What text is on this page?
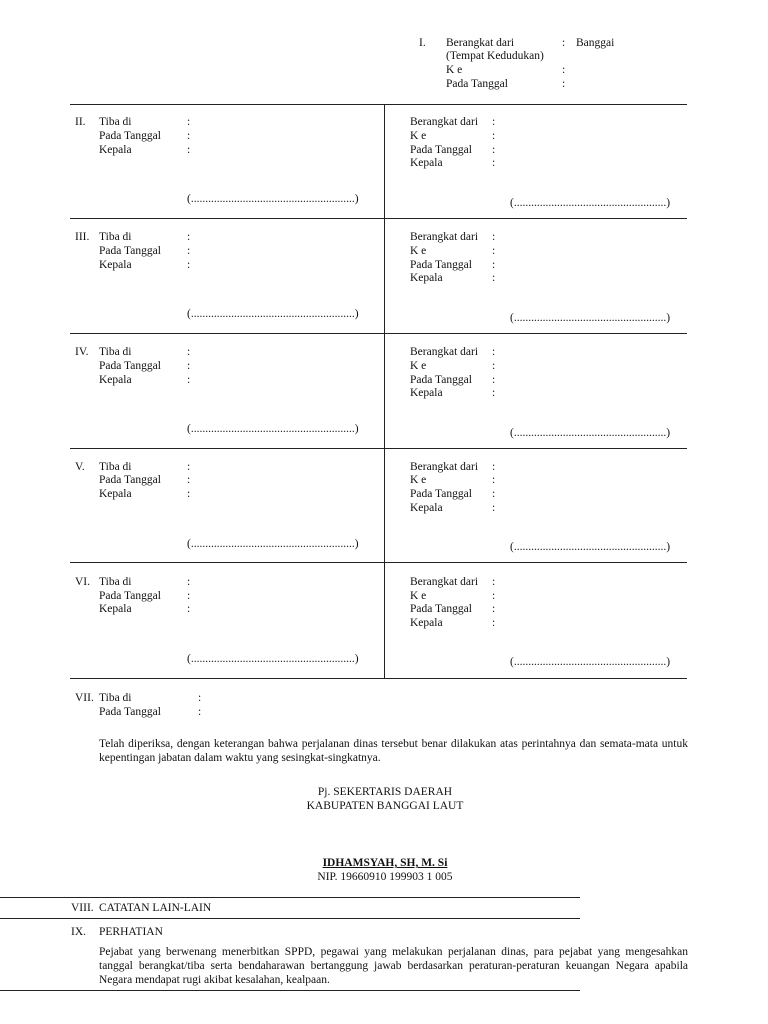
I. Berangkat dari	: Banggai
(Tempat Kedudukan)
K e	:
Pada Tanggal	:
II. Tiba di	:
Pada Tanggal :
Kepala	:
(.........................................................)
Berangkat dari :
K e	:
Pada Tanggal :
Kepala	:
(.....................................................)
III. Tiba di	:
Pada Tanggal :
Kepala	:
(.........................................................)
Berangkat dari :
K e	:
Pada Tanggal :
Kepala	:
(.....................................................)
IV. Tiba di	:
Pada Tanggal :
Kepala	:
(.........................................................)
Berangkat dari :
K e	:
Pada Tanggal :
Kepala	:
(.....................................................)
V. Tiba di	:
Pada Tanggal :
Kepala	:
(.........................................................)
Berangkat dari :
K e	:
Pada Tanggal :
Kepala	:
(.....................................................)
VI. Tiba di	:
Pada Tanggal :
Kepala	:
(.........................................................)
Berangkat dari :
K e	:
Pada Tanggal :
Kepala	:
(.....................................................)
VII. Tiba di	:
Pada Tanggal	:
Telah diperiksa, dengan keterangan bahwa perjalanan dinas tersebut benar dilakukan atas perintahnya dan semata-mata untuk kepentingan jabatan dalam waktu yang sesingkat-singkatnya.
Pj. SEKERTARIS DAERAH
KABUPATEN BANGGAI LAUT
IDHAMSYAH, SH, M. Si
NIP. 19660910 199903 1 005
VIII. CATATAN LAIN-LAIN
IX. PERHATIAN
Pejabat yang berwenang menerbitkan SPPD, pegawai yang melakukan perjalanan dinas, para pejabat yang mengesahkan tanggal berangkat/tiba serta bendaharawan bertanggung jawab berdasarkan peraturan-peraturan keuangan Negara apabila Negara mendapat rugi akibat kesalahan, kealpaan.
